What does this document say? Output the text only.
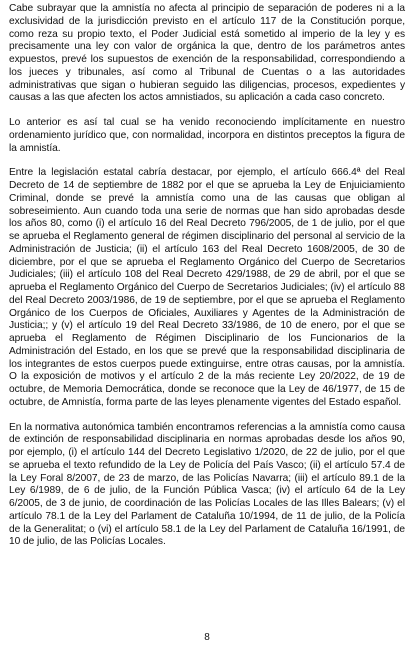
Cabe subrayar que la amnistía no afecta al principio de separación de poderes ni a la exclusividad de la jurisdicción previsto en el artículo 117 de la Constitución porque, como reza su propio texto, el Poder Judicial está sometido al imperio de la ley y es precisamente una ley con valor de orgánica la que, dentro de los parámetros antes expuestos, prevé los supuestos de exención de la responsabilidad, correspondiendo a los jueces y tribunales, así como al Tribunal de Cuentas o a las autoridades administrativas que sigan o hubieran seguido las diligencias, procesos, expedientes y causas a las que afecten los actos amnistiados, su aplicación a cada caso concreto.

Lo anterior es así tal cual se ha venido reconociendo implícitamente en nuestro ordenamiento jurídico que, con normalidad, incorpora en distintos preceptos la figura de la amnistía.

Entre la legislación estatal cabría destacar, por ejemplo, el artículo 666.4ª del Real Decreto de 14 de septiembre de 1882 por el que se aprueba la Ley de Enjuiciamiento Criminal, donde se prevé la amnistía como una de las causas que obligan al sobreseimiento. Aun cuando toda una serie de normas que han sido aprobadas desde los años 80, como (i) el artículo 16 del Real Decreto 796/2005, de 1 de julio, por el que se aprueba el Reglamento general de régimen disciplinario del personal al servicio de la Administración de Justicia; (ii) el artículo 163 del Real Decreto 1608/2005, de 30 de diciembre, por el que se aprueba el Reglamento Orgánico del Cuerpo de Secretarios Judiciales; (iii) el artículo 108 del Real Decreto 429/1988, de 29 de abril, por el que se aprueba el Reglamento Orgánico del Cuerpo de Secretarios Judiciales; (iv) el artículo 88 del Real Decreto 2003/1986, de 19 de septiembre, por el que se aprueba el Reglamento Orgánico de los Cuerpos de Oficiales, Auxiliares y Agentes de la Administración de Justicia;; y (v) el artículo 19 del Real Decreto 33/1986, de 10 de enero, por el que se aprueba el Reglamento de Régimen Disciplinario de los Funcionarios de la Administración del Estado, en los que se prevé que la responsabilidad disciplinaria de los integrantes de estos cuerpos puede extinguirse, entre otras causas, por la amnistía. O la exposición de motivos y el artículo 2 de la más reciente Ley 20/2022, de 19 de octubre, de Memoria Democrática, donde se reconoce que la Ley de 46/1977, de 15 de octubre, de Amnistía, forma parte de las leyes plenamente vigentes del Estado español.

En la normativa autonómica también encontramos referencias a la amnistía como causa de extinción de responsabilidad disciplinaria en normas aprobadas desde los años 90, por ejemplo, (i) el artículo 144 del Decreto Legislativo 1/2020, de 22 de julio, por el que se aprueba el texto refundido de la Ley de Policía del País Vasco; (ii) el artículo 57.4 de la Ley Foral 8/2007, de 23 de marzo, de las Policías Navarra; (iii) el artículo 89.1 de la Ley 6/1989, de 6 de julio, de la Función Pública Vasca; (iv) el artículo 64 de la Ley 6/2005, de 3 de junio, de coordinación de las Policías Locales de las Illes Balears; (v) el artículo 78.1 de la Ley del Parlament de Cataluña 10/1994, de 11 de julio, de la Policía de la Generalitat; o (vi) el artículo 58.1 de la Ley del Parlament de Cataluña 16/1991, de 10 de julio, de las Policías Locales.

8
